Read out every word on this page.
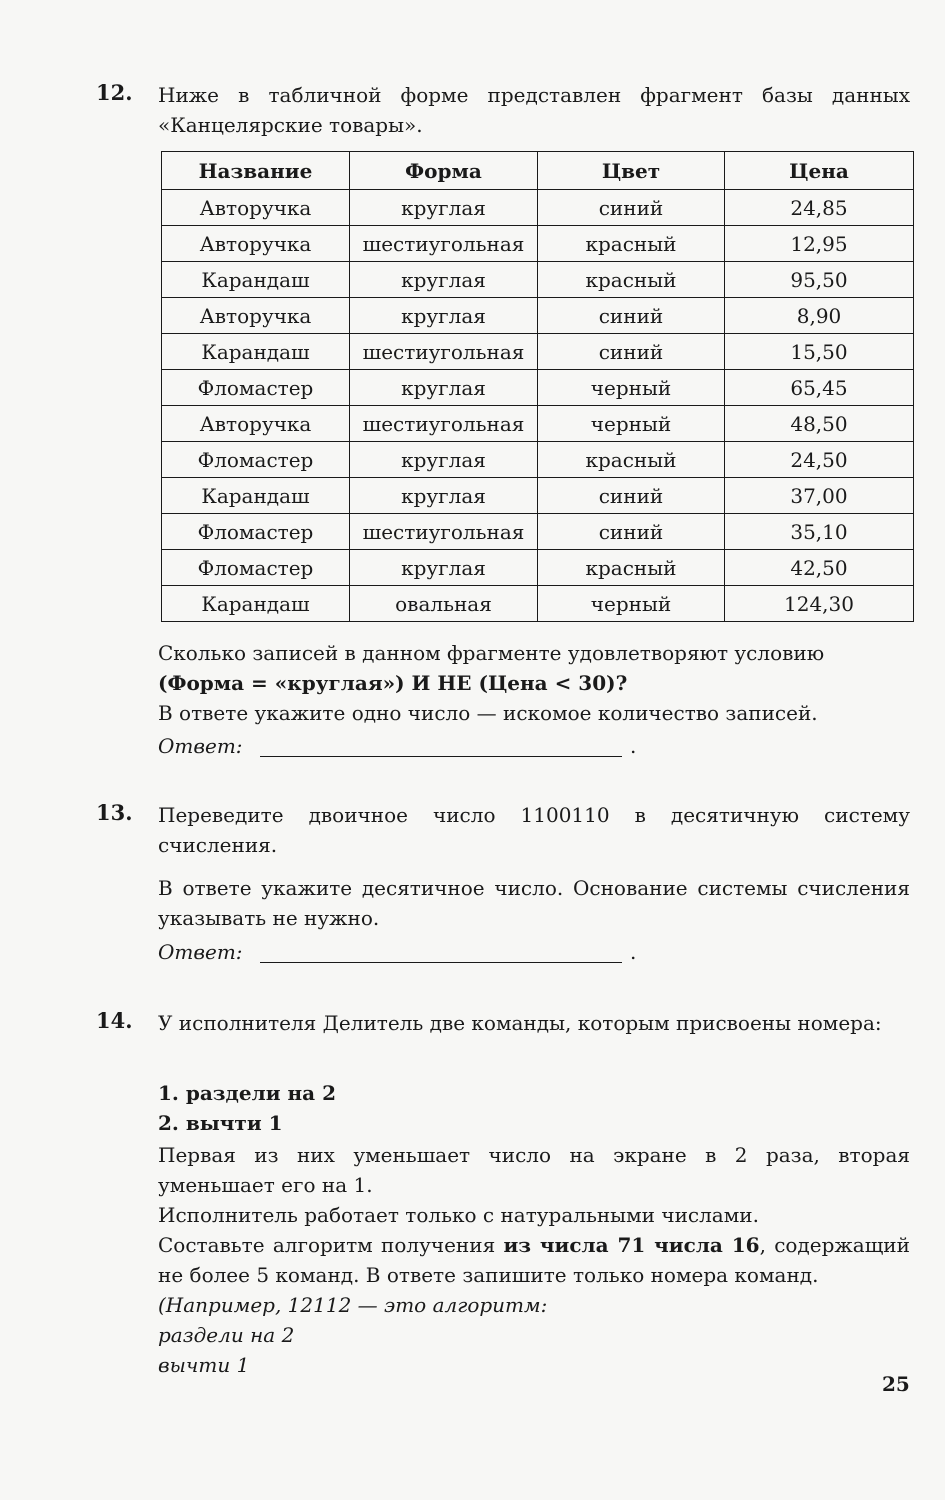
12. Ниже в табличной форме представлен фрагмент базы данных «Канцелярские товары».
Название	Форма	Цвет	Цена
Авторучка	круглая	синий	24,85
Авторучка	шестиугольная	красный	12,95
Карандаш	круглая	красный	95,50
Авторучка	круглая	синий	8,90
Карандаш	шестиугольная	синий	15,50
Фломастер	круглая	черный	65,45
Авторучка	шестиугольная	черный	48,50
Фломастер	круглая	красный	24,50
Карандаш	круглая	синий	37,00
Фломастер	шестиугольная	синий	35,10
Фломастер	круглая	красный	42,50
Карандаш	овальная	черный	124,30
Сколько записей в данном фрагменте удовлетворяют условию
(Форма = «круглая») И НЕ (Цена < 30)?
В ответе укажите одно число — искомое количество записей.
Ответ:	.
13. Переведите двоичное число 1100110 в десятичную систему счисления.
В ответе укажите десятичное число. Основание системы счисления указывать не нужно.
Ответ:	.
14. У исполнителя Делитель две команды, которым присвоены номера:
1. раздели на 2
2. вычти 1
Первая из них уменьшает число на экране в 2 раза, вторая уменьшает его на 1.
Исполнитель работает только с натуральными числами.
Составьте алгоритм получения из числа 71 числа 16, содержащий не более 5 команд. В ответе запишите только номера команд.
(Например, 12112 — это алгоритм:
раздели на 2
вычти 1
25
